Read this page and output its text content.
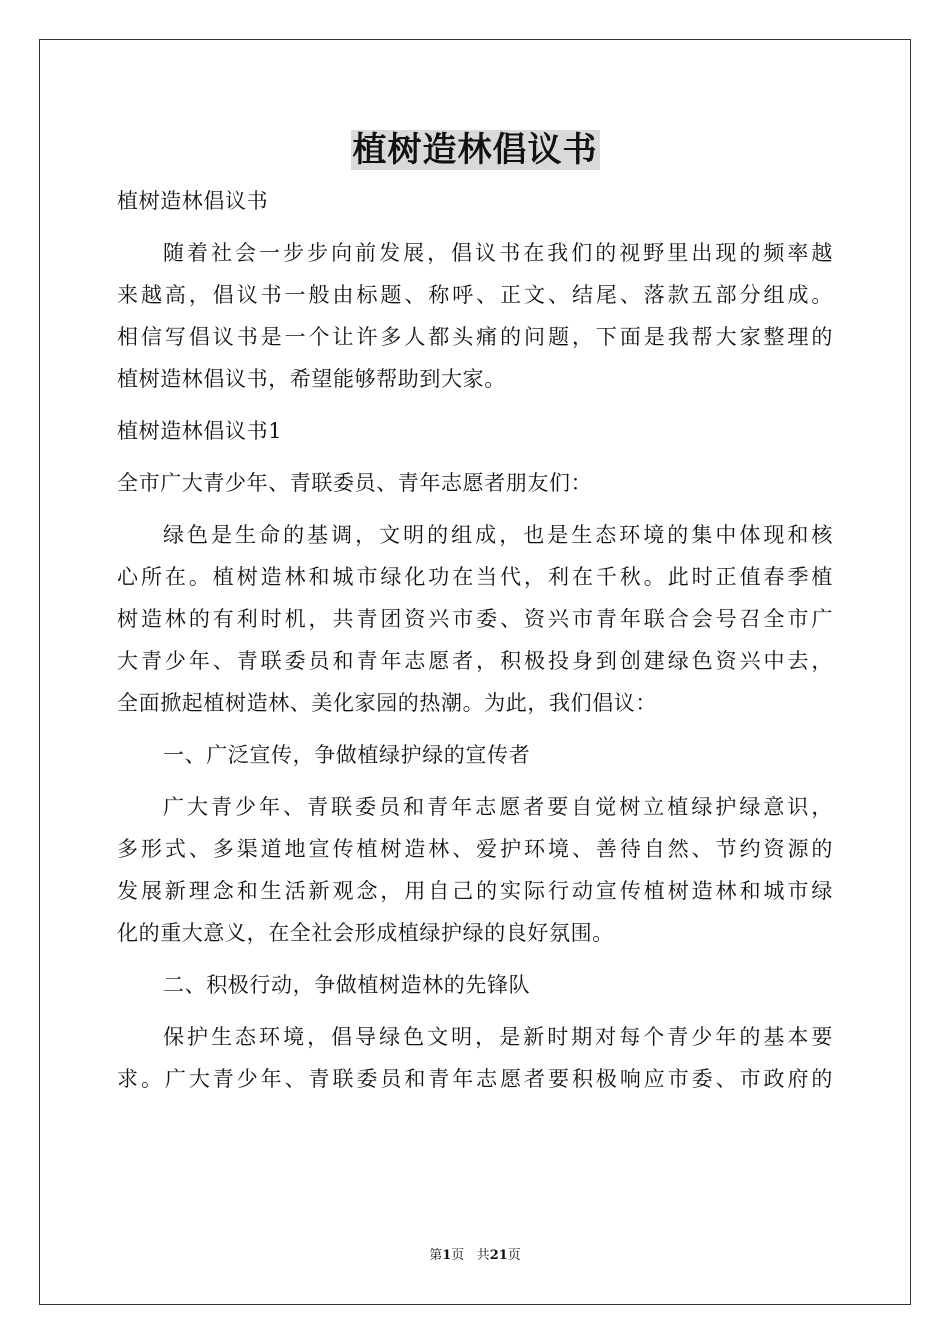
植树造林倡议书
植树造林倡议书
随着社会一步步向前发展，倡议书在我们的视野里出现的频率越
来越高，倡议书一般由标题、称呼、正文、结尾、落款五部分组成。
相信写倡议书是一个让许多人都头痛的问题，下面是我帮大家整理的
植树造林倡议书，希望能够帮助到大家。
植树造林倡议书1
全市广大青少年、青联委员、青年志愿者朋友们：
绿色是生命的基调，文明的组成，也是生态环境的集中体现和核
心所在。植树造林和城市绿化功在当代，利在千秋。此时正值春季植
树造林的有利时机，共青团资兴市委、资兴市青年联合会号召全市广
大青少年、青联委员和青年志愿者，积极投身到创建绿色资兴中去，
全面掀起植树造林、美化家园的热潮。为此，我们倡议：
一、广泛宣传，争做植绿护绿的宣传者
广大青少年、青联委员和青年志愿者要自觉树立植绿护绿意识，
多形式、多渠道地宣传植树造林、爱护环境、善待自然、节约资源的
发展新理念和生活新观念，用自己的实际行动宣传植树造林和城市绿
化的重大意义，在全社会形成植绿护绿的良好氛围。
二、积极行动，争做植树造林的先锋队
保护生态环境，倡导绿色文明，是新时期对每个青少年的基本要
求。广大青少年、青联委员和青年志愿者要积极响应市委、市政府的
第1页 共21页
